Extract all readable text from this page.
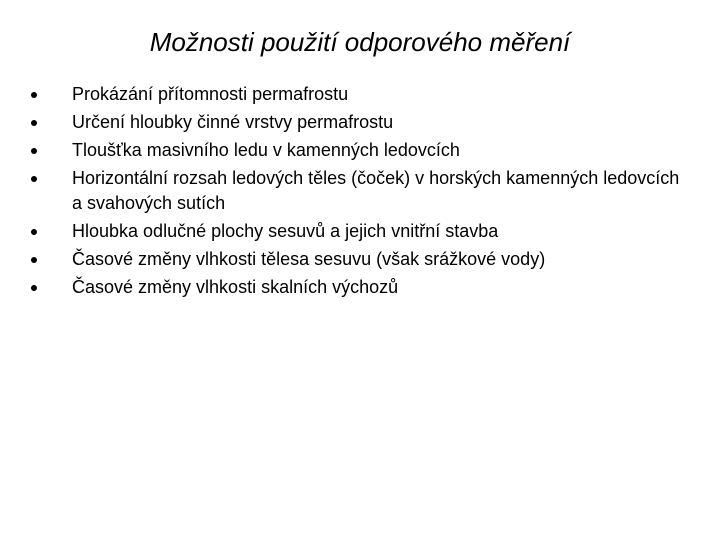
Možnosti použití odporového měření
Prokázání přítomnosti permafrostu
Určení hloubky činné vrstvy permafrostu
Tloušťka masivního ledu v kamenných ledovcích
Horizontální rozsah ledových těles (čoček) v horských kamenných ledovcích a svahových sutích
Hloubka odlučné plochy sesuvů a jejich vnitřní stavba
Časové změny vlhkosti tělesa sesuvu (však srážkové vody)
Časové změny vlhkosti skalních výchozů
